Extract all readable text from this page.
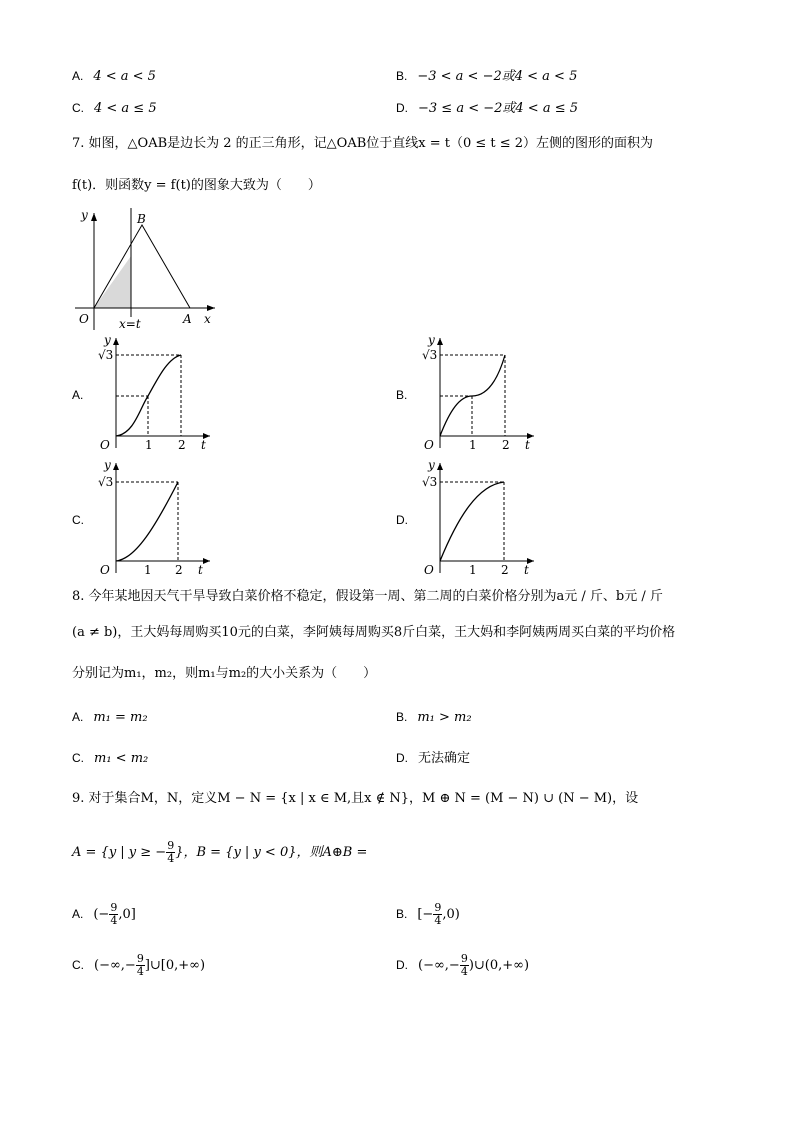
A. 4 < a < 5	B. −3 < a < −2或4 < a < 5
C. 4 < a ≤ 5	D. −3 ≤ a < −2或4 < a ≤ 5
7. 如图，△OAB是边长为 2 的正三角形，记△OAB位于直线x = t（0 ≤ t ≤ 2）左侧的图形的面积为
f(t)．则函数y = f(t)的图象大致为（　　）
y	B
O	A x
x=t
A.	B.
C.	D.
y
√3
O	1 2 t
y
√3
O	1 2 t
y
√3
O	1 2 t
y
√3
O	1 2 t
8. 今年某地因天气干旱导致白菜价格不稳定，假设第一周、第二周的白菜价格分别为a元 / 斤、b元 / 斤
(a ≠ b)，王大妈每周购买10元的白菜，李阿姨每周购买8斤白菜，王大妈和李阿姨两周买白菜的平均价格
分别记为m₁，m₂，则m₁与m₂的大小关系为（　　）
A. m₁ = m₂	B. m₁ > m₂
C. m₁ < m₂	D. 无法确定
9. 对于集合M，N，定义M − N = {x | x ∈ M,且x ∉ N}，M ⊕ N = (M − N) ∪ (N − M)，设
A = {y | y ≥ − $\frac{9}{4}$ }，B = {y | y < 0}，则A⊕B =
A. (− $\frac{9}{4} ,0$]	B. [− $\frac{9}{4} ,0$)
C. (−∞,− $\frac{9}{4}$ ]∪[0,+∞)	D. (−∞,− $\frac{9}{4}$ )∪(0,+∞)
